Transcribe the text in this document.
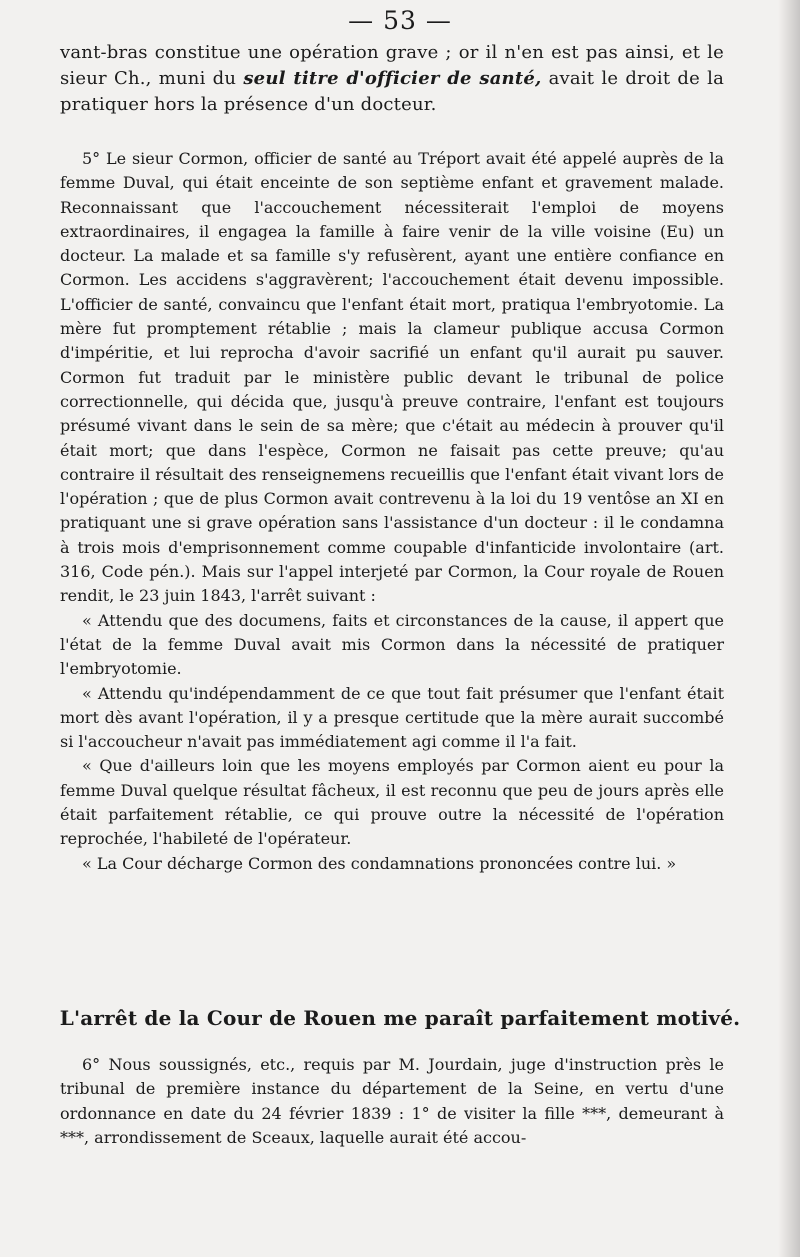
— 53 —

vant-bras constitue une opération grave ; or il n'en est pas ainsi, et le sieur Ch., muni du seul titre d'officier de santé, avait le droit de la pratiquer hors la présence d'un docteur.

5° Le sieur Cormon, officier de santé au Tréport avait été appelé auprès de la femme Duval, qui était enceinte de son septième enfant et gravement malade. Reconnaissant que l'accouchement nécessiterait l'emploi de moyens extraordinaires, il engagea la famille à faire venir de la ville voisine (Eu) un docteur. La malade et sa famille s'y refusèrent, ayant une entière confiance en Cormon. Les accidens s'aggravèrent; l'accouchement était devenu impossible. L'officier de santé, convaincu que l'enfant était mort, pratiqua l'embryotomie. La mère fut promptement rétablie ; mais la clameur publique accusa Cormon d'impéritie, et lui reprocha d'avoir sacrifié un enfant qu'il aurait pu sauver. Cormon fut traduit par le ministère public devant le tribunal de police correctionnelle, qui décida que, jusqu'à preuve contraire, l'enfant est toujours présumé vivant dans le sein de sa mère; que c'était au médecin à prouver qu'il était mort; que dans l'espèce, Cormon ne faisait pas cette preuve; qu'au contraire il résultait des renseignemens recueillis que l'enfant était vivant lors de l'opération ; que de plus Cormon avait contrevenu à la loi du 19 ventôse an XI en pratiquant une si grave opération sans l'assistance d'un docteur : il le condamna à trois mois d'emprisonnement comme coupable d'infanticide involontaire (art. 316, Code pén.). Mais sur l'appel interjeté par Cormon, la Cour royale de Rouen rendit, le 23 juin 1843, l'arrêt suivant :

« Attendu que des documens, faits et circonstances de la cause, il appert que l'état de la femme Duval avait mis Cormon dans la nécessité de pratiquer l'embryotomie.

« Attendu qu'indépendamment de ce que tout fait présumer que l'enfant était mort dès avant l'opération, il y a presque certitude que la mère aurait succombé si l'accoucheur n'avait pas immédiatement agi comme il l'a fait.

« Que d'ailleurs loin que les moyens employés par Cormon aient eu pour la femme Duval quelque résultat fâcheux, il est reconnu que peu de jours après elle était parfaitement rétablie, ce qui prouve outre la nécessité de l'opération reprochée, l'habileté de l'opérateur.

« La Cour décharge Cormon des condamnations prononcées contre lui. »

L'arrêt de la Cour de Rouen me paraît parfaitement motivé.

6° Nous soussignés, etc., requis par M. Jourdain, juge d'instruction près le tribunal de première instance du département de la Seine, en vertu d'une ordonnance en date du 24 février 1839 : 1° de visiter la fille ***, demeurant à ***, arrondissement de Sceaux, laquelle aurait été accou-
